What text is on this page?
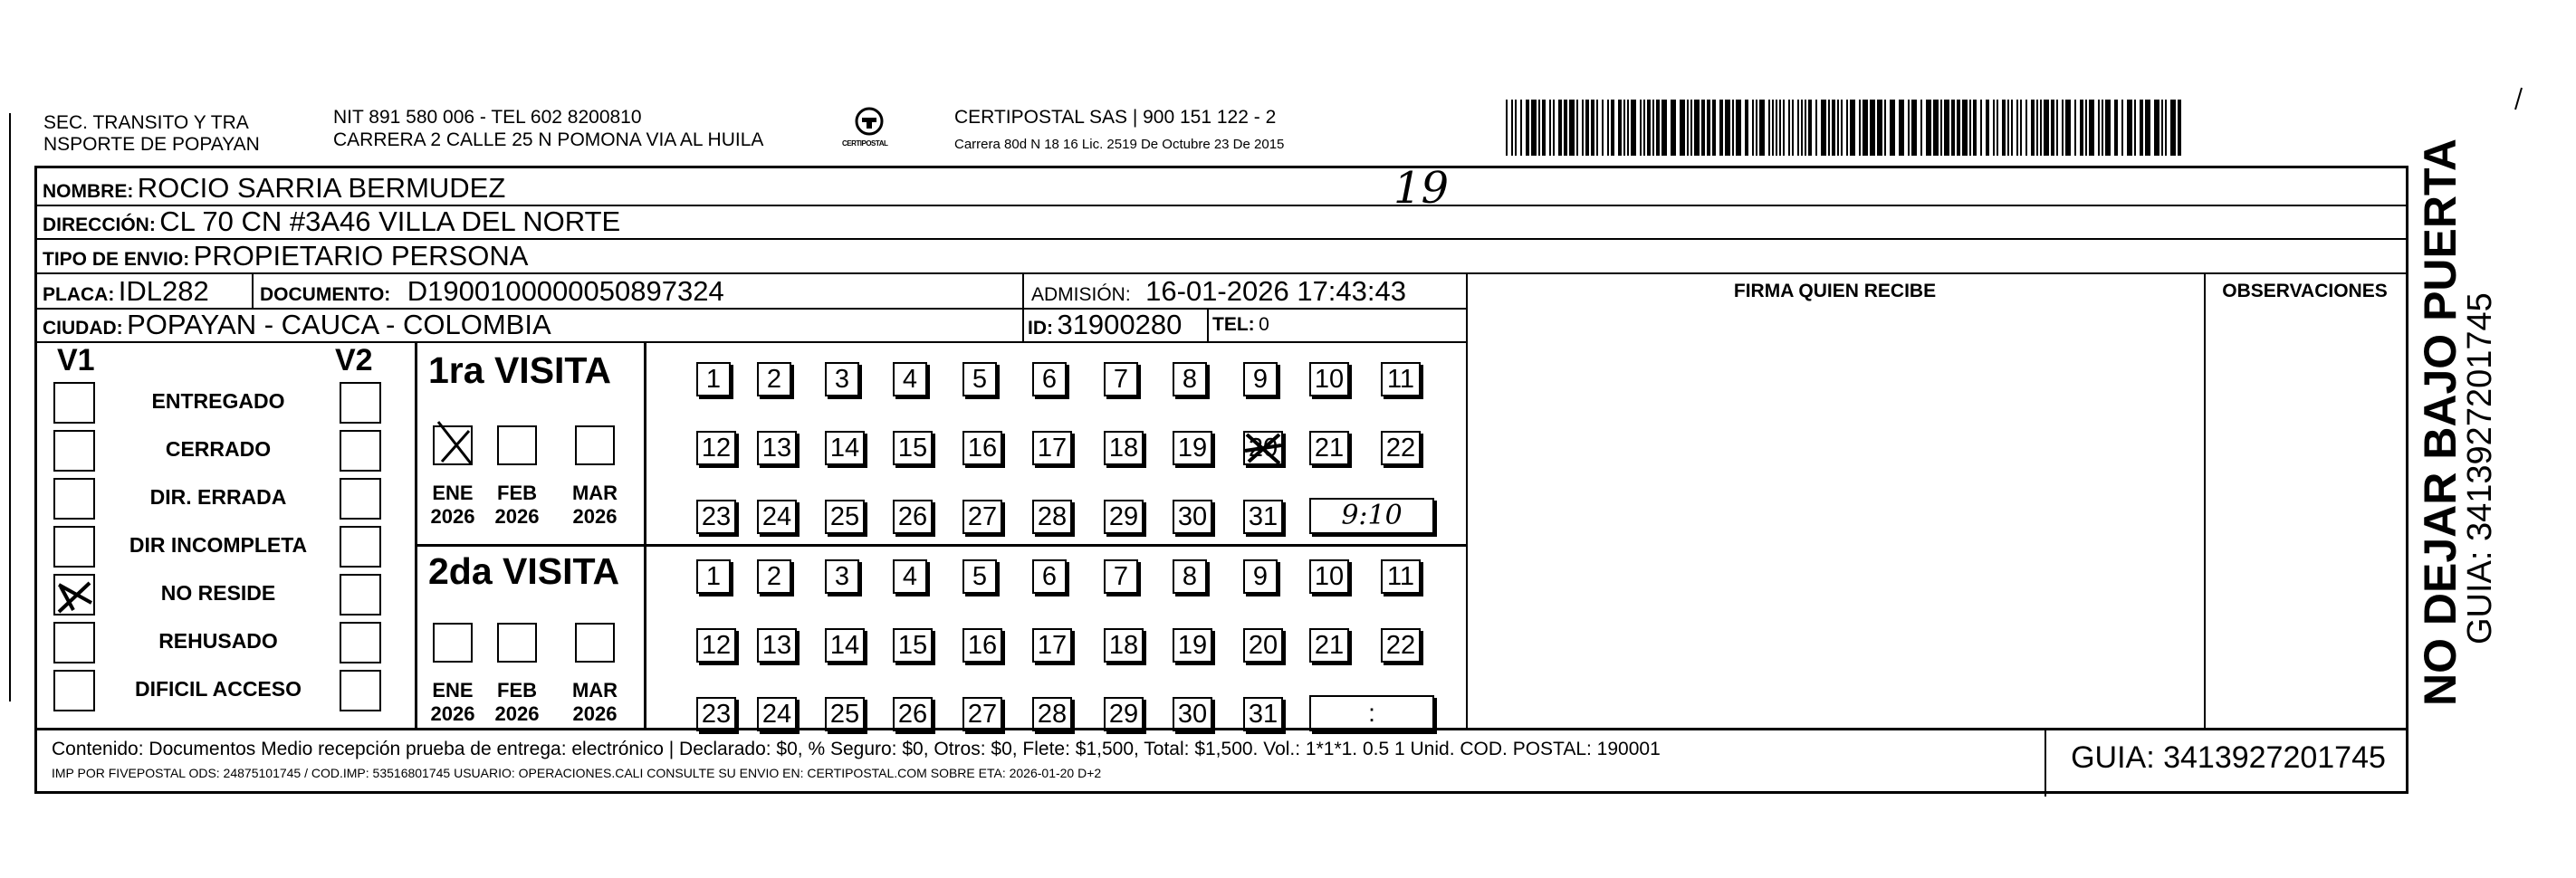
SEC. TRANSITO Y TRA
NSPORTE DE POPAYAN
NIT 891 580 006 - TEL 602 8200810
CARRERA 2 CALLE 25 N POMONA VIA AL HUILA	CERTIPOSTAL
CERTIPOSTAL SAS | 900 151 122 - 2
Carrera 80d N 18 16 Lic. 2519 De Octubre 23 De 2015
NOMBRE: ROCIO SARRIA BERMUDEZ	19
DIRECCIÓN: CL 70 CN #3A46 VILLA DEL NORTE
TIPO DE ENVIO: PROPIETARIO PERSONA
FIRMA QUIEN RECIBE	OBSERVACIONES
PLACA: IDL282	DOCUMENTO: D1900100000050897324	ADMISIÓN: 16-01-2026 17:43:43
CIUDAD: POPAYAN - CAUCA - COLOMBIA	ID: 31900280 TEL: 0
V1	V2
ENTREGADO
CERRADO
DIR. ERRADA
DIR INCOMPLETA
NO RESIDE
REHUSADO
DIFICIL ACCESO
1ra VISITA
2da VISITA
ENE
2026
FEB
2026
MAR
2026
ENE
2026
FEB
2026
MAR
2026
1	2	3	4	5	6	7	8	9	10 11
12 13 14 15 16 17 18 19 20 21 22
23 24 25 26 27 28 29 30 31	9:10
1	2	3	4	5	6	7	8	9	10 11
12 13 14 15 16 17 18 19 20 21 22
23 24 25 26 27 28 29 30 31	:
Contenido: Documentos Medio recepción prueba de entrega: electrónico | Declarado: $0, % Seguro: $0, Otros: $0, Flete: $1,500, Total: $1,500. Vol.: 1*1*1. 0.5 1 Unid. COD. POSTAL: 190001
IMP POR FIVEPOSTAL ODS: 24875101745 / COD.IMP: 53516801745 USUARIO: OPERACIONES.CALI CONSULTE SU ENVIO EN: CERTIPOSTAL.COM SOBRE ETA: 2026-01-20 D+2	GUIA: 3413927201745
NO DEJAR BAJO PUERTA
GUIA: 3413927201745
